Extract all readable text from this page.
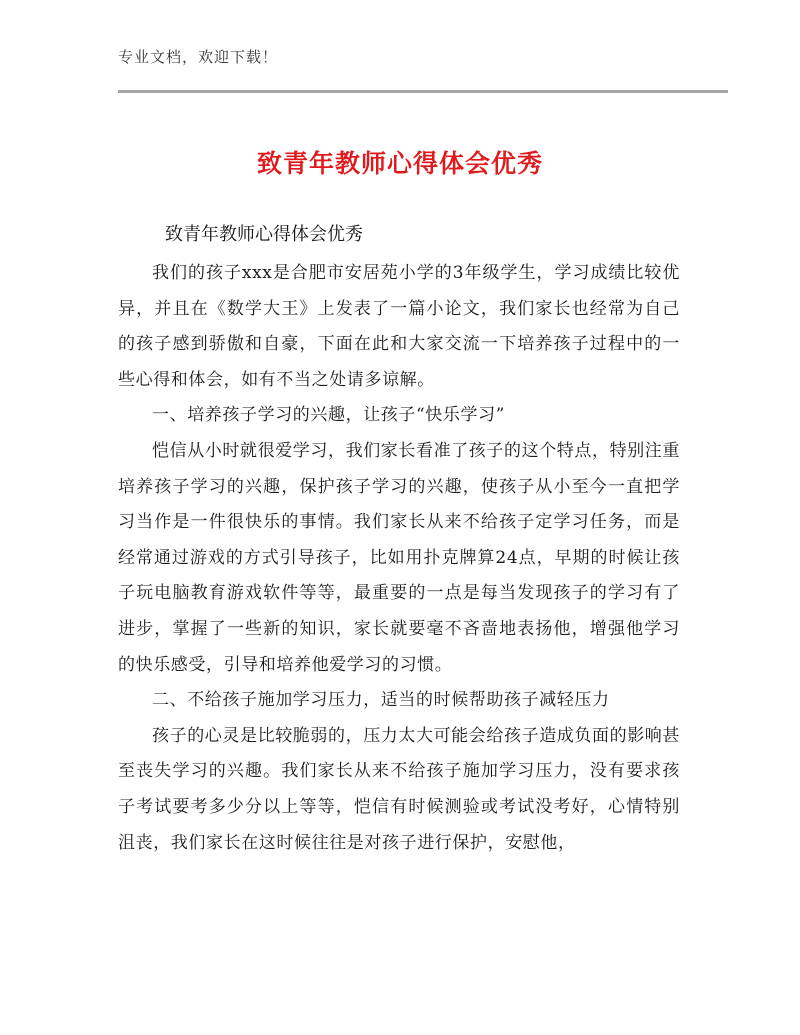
专业文档，欢迎下载！
致青年教师心得体会优秀
致青年教师心得体会优秀

我们的孩子xxx是合肥市安居苑小学的3年级学生，学习成绩比较优异，并且在《数学大王》上发表了一篇小论文，我们家长也经常为自己的孩子感到骄傲和自豪，下面在此和大家交流一下培养孩子过程中的一些心得和体会，如有不当之处请多谅解。

一、培养孩子学习的兴趣，让孩子“快乐学习”

恺信从小时就很爱学习，我们家长看准了孩子的这个特点，特别注重培养孩子学习的兴趣，保护孩子学习的兴趣，使孩子从小至今一直把学习当作是一件很快乐的事情。我们家长从来不给孩子定学习任务，而是经常通过游戏的方式引导孩子，比如用扑克牌算24点，早期的时候让孩子玩电脑教育游戏软件等等，最重要的一点是每当发现孩子的学习有了进步，掌握了一些新的知识，家长就要毫不吝啬地表扬他，增强他学习的快乐感受，引导和培养他爱学习的习惯。

二、不给孩子施加学习压力，适当的时候帮助孩子减轻压力

孩子的心灵是比较脆弱的，压力太大可能会给孩子造成负面的影响甚至丧失学习的兴趣。我们家长从来不给孩子施加学习压力，没有要求孩子考试要考多少分以上等等，恺信有时候测验或考试没考好，心情特别沮丧，我们家长在这时候往往是对孩子进行保护，安慰他，
